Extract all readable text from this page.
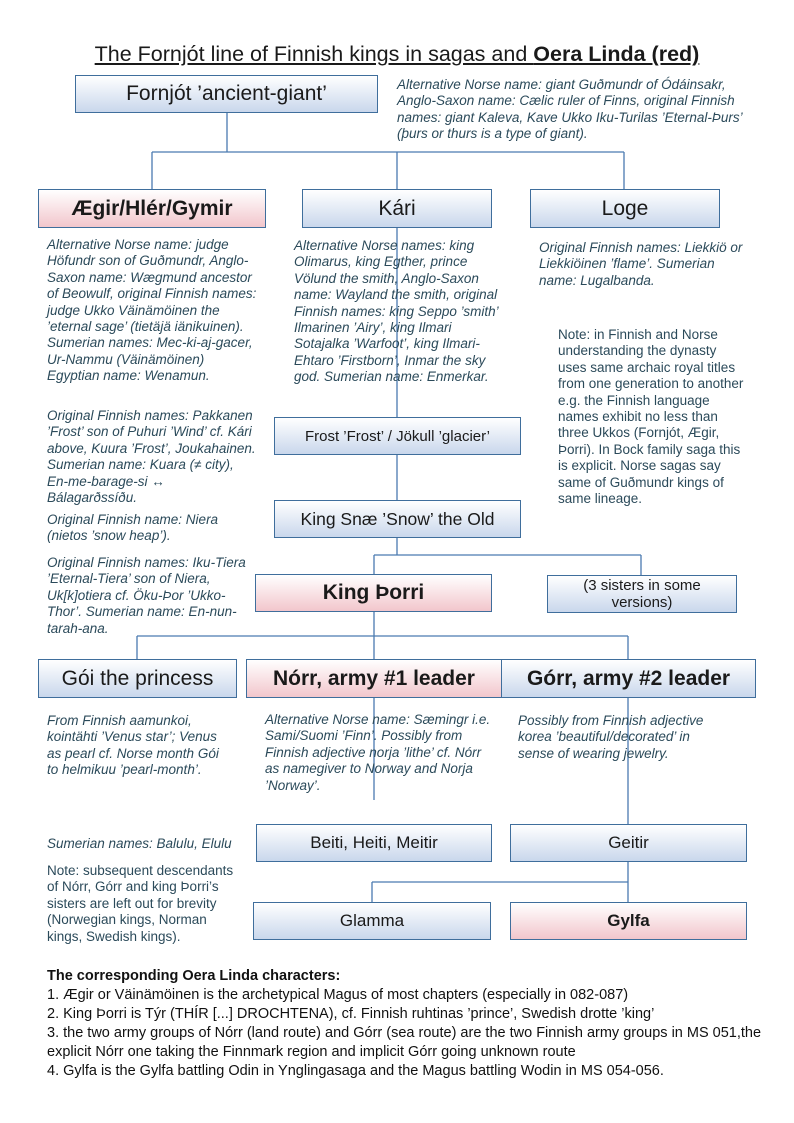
The Fornjót line of Finnish kings in sagas and Oera Linda (red)
Fornjót ’ancient-giant’
Ægir/Hlér/Gymir	Kári	Loge
Frost ’Frost’ / Jökull ’glacier’
King Snæ ’Snow’ the Old
King Þorri	(3 sisters in some versions)
Gói the princess	Nórr, army #1 leader Górr, army #2 leader
Beiti, Heiti, Meitir	Geitir
Glamma	Gylfa
Alternative Norse name: giant Guðmundr of Ódáinsakr, Anglo-Saxon name: Cælic ruler of Finns, original Finnish names: giant Kaleva, Kave Ukko Iku-Turilas ’Eternal-Þurs’ (þurs or thurs is a type of giant).
Alternative Norse name: judge Höfundr son of Guðmundr, Anglo-Saxon name: Wægmund ancestor of Beowulf, original Finnish names: judge Ukko Väinämöinen the ’eternal sage’ (tietäjä iänikuinen). Sumerian names: Mec-ki-aj-gacer, Ur-Nammu (Väinämöinen) Egyptian name: Wenamun.
Original Finnish names: Pakkanen ’Frost’ son of Puhuri ’Wind’ cf. Kári above, Kuura ’Frost’, Joukahainen. Sumerian name: Kuara (≠ city), En-me-barage-si ↔ Bálagarðssíðu.
Original Finnish name: Niera (nietos ’snow heap’).
Original Finnish names: Iku-Tiera ’Eternal-Tiera’ son of Niera, Uk[k]otiera cf. Öku-Þor ’Ukko-Thor’. Sumerian name: En-nun-tarah-ana.
Alternative Norse names: king Olimarus, king Egther, prince Völund the smith, Anglo-Saxon name: Wayland the smith, original Finnish names: king Seppo ’smith’ Ilmarinen ’Airy’, king Ilmari Sotajalka ’Warfoot’, king Ilmari-Ehtaro ’Firstborn’, Inmar the sky god. Sumerian name: Enmerkar.
Original Finnish names: Liekkiö or Liekkiöinen ’flame’. Sumerian name: Lugalbanda.
Note: in Finnish and Norse understanding the dynasty uses same archaic royal titles from one generation to another e.g. the Finnish language names exhibit no less than three Ukkos (Fornjót, Ægir, Þorri). In Bock family saga this is explicit. Norse sagas say same of Guðmundr kings of same lineage.
From Finnish aamunkoi, kointähti ’Venus star’; Venus as pearl cf. Norse month Gói to helmikuu ’pearl-month’.
Alternative Norse name: Sæmingr i.e. Sami/Suomi ’Finn’. Possibly from Finnish adjective norja ’lithe’ cf. Nórr as namegiver to Norway and Norja ’Norway’.
Possibly from Finnish adjective korea ’beautiful/decorated’ in sense of wearing jewelry.
Sumerian names: Balulu, Elulu
Note: subsequent descendants of Nórr, Górr and king Þorri’s sisters are left out for brevity (Norwegian kings, Norman kings, Swedish kings).
The corresponding Oera Linda characters:
1. Ægir or Väinämöinen is the archetypical Magus of most chapters (especially in 082-087)
2. King Þorri is Týr (THÍR [...] DROCHTENA), cf. Finnish ruhtinas ’prince’, Swedish drotte ’king’
3. the two army groups of Nórr (land route) and Górr (sea route) are the two Finnish army groups in MS 051,the explicit Nórr one taking the Finnmark region and implicit Górr going unknown route
4. Gylfa is the Gylfa battling Odin in Ynglingasaga and the Magus battling Wodin in MS 054-056.
